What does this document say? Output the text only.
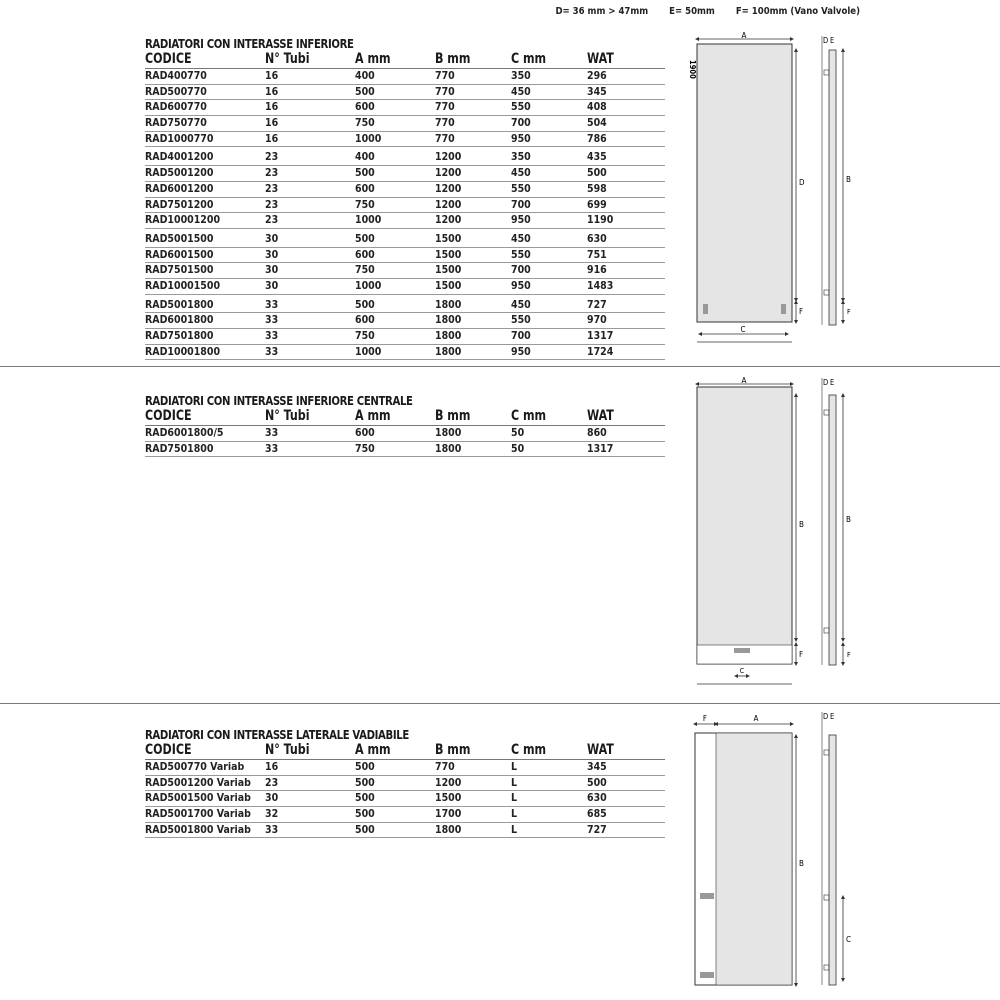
D= 36 mm > 47mm E= 50mm F= 100mm (Vano Valvole)
RADIATORI CON INTERASSE INFERIORE
CODICE	N° Tubi	A mm	B mm	C mm	WAT
RAD400770	16	400	770	350	296
RAD500770	16	500	770	450	345
RAD600770	16	600	770	550	408
RAD750770	16	750	770	700	504
RAD1000770	16	1000	770	950	786
RAD4001200	23	400	1200	350	435
RAD5001200	23	500	1200	450	500
RAD6001200	23	600	1200	550	598
RAD7501200	23	750	1200	700	699
RAD10001200	23	1000	1200	950	1190
RAD5001500	30	500	1500	450	630
RAD6001500	30	600	1500	550	751
RAD7501500	30	750	1500	700	916
RAD10001500	30	1000	1500	950	1483
RAD5001800	33	500	1800	450	727
RAD6001800	33	600	1800	550	970
RAD7501800	33	750	1800	700	1317
RAD10001800	33	1000	1800	950	1724
RADIATORI CON INTERASSE INFERIORE CENTRALE
CODICE	N° Tubi	A mm	B mm	C mm	WAT
RAD6001800/5	33	600	1800	50	860
RAD7501800	33	750	1800	50	1317
RADIATORI CON INTERASSE LATERALE VADIABILE
CODICE	N° Tubi	A mm	B mm	C mm	WAT
RAD500770 Variab 16	500	770	L	345
RAD5001200 Variab 23	500	1200	L	500
RAD5001500 Variab 30	500	1500	L	630
RAD5001700 Variab 32	500	1700	L	685
RAD5001800 Variab 33	500	1800	L	727
A
1900
D
F
C
D E
B
F
A
B
F
C
D E
B
F
F	A
B
D E
C
